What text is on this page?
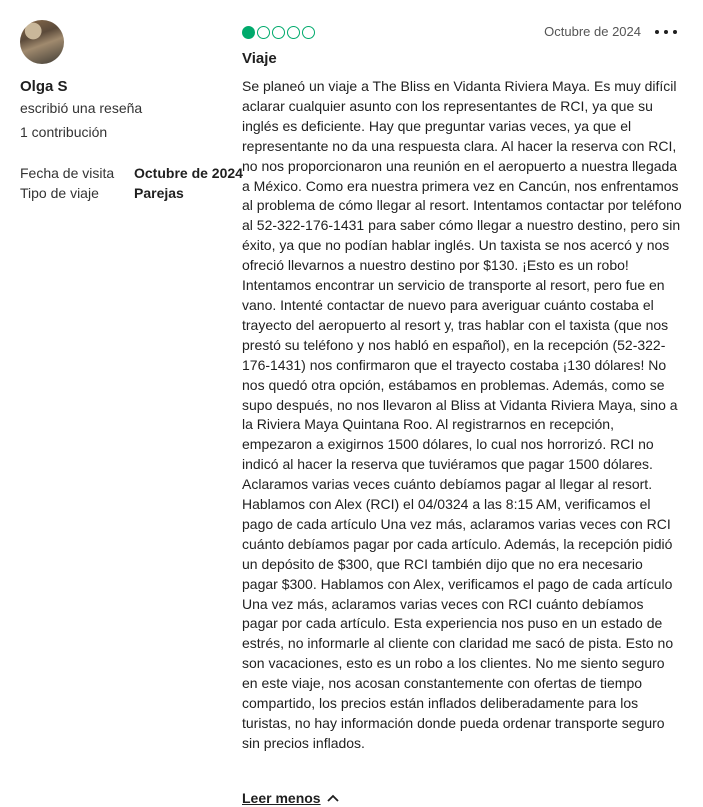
Olga S
escribió una reseña
1 contribución
Fecha de visita Octubre de 2024
Tipo de viaje	Parejas
Octubre de 2024
Viaje
Se planeó un viaje a The Bliss en Vidanta Riviera Maya. Es muy difícil aclarar cualquier asunto con los representantes de RCI, ya que su inglés es deficiente. Hay que preguntar varias veces, ya que el representante no da una respuesta clara. Al hacer la reserva con RCI, no nos proporcionaron una reunión en el aeropuerto a nuestra llegada a México. Como era nuestra primera vez en Cancún, nos enfrentamos al problema de cómo llegar al resort. Intentamos contactar por teléfono al 52-322-176-1431 para saber cómo llegar a nuestro destino, pero sin éxito, ya que no podían hablar inglés. Un taxista se nos acercó y nos ofreció llevarnos a nuestro destino por $130. ¡Esto es un robo! Intentamos encontrar un servicio de transporte al resort, pero fue en vano. Intenté contactar de nuevo para averiguar cuánto costaba el trayecto del aeropuerto al resort y, tras hablar con el taxista (que nos prestó su teléfono y nos habló en español), en la recepción (52-322-176-1431) nos confirmaron que el trayecto costaba ¡130 dólares! No nos quedó otra opción, estábamos en problemas. Además, como se supo después, no nos llevaron al Bliss at Vidanta Riviera Maya, sino a la Riviera Maya Quintana Roo. Al registrarnos en recepción, empezaron a exigirnos 1500 dólares, lo cual nos horrorizó. RCI no indicó al hacer la reserva que tuviéramos que pagar 1500 dólares. Aclaramos varias veces cuánto debíamos pagar al llegar al resort. Hablamos con Alex (RCI) el 04/0324 a las 8:15 AM, verificamos el pago de cada artículo Una vez más, aclaramos varias veces con RCI cuánto debíamos pagar por cada artículo. Además, la recepción pidió un depósito de $300, que RCI también dijo que no era necesario pagar $300. Hablamos con Alex, verificamos el pago de cada artículo Una vez más, aclaramos varias veces con RCI cuánto debíamos pagar por cada artículo. Esta experiencia nos puso en un estado de estrés, no informarle al cliente con claridad me sacó de pista. Esto no son vacaciones, esto es un robo a los clientes. No me siento seguro en este viaje, nos acosan constantemente con ofertas de tiempo compartido, los precios están inflados deliberadamente para los turistas, no hay información donde pueda ordenar transporte seguro sin precios inflados.
Leer menos
